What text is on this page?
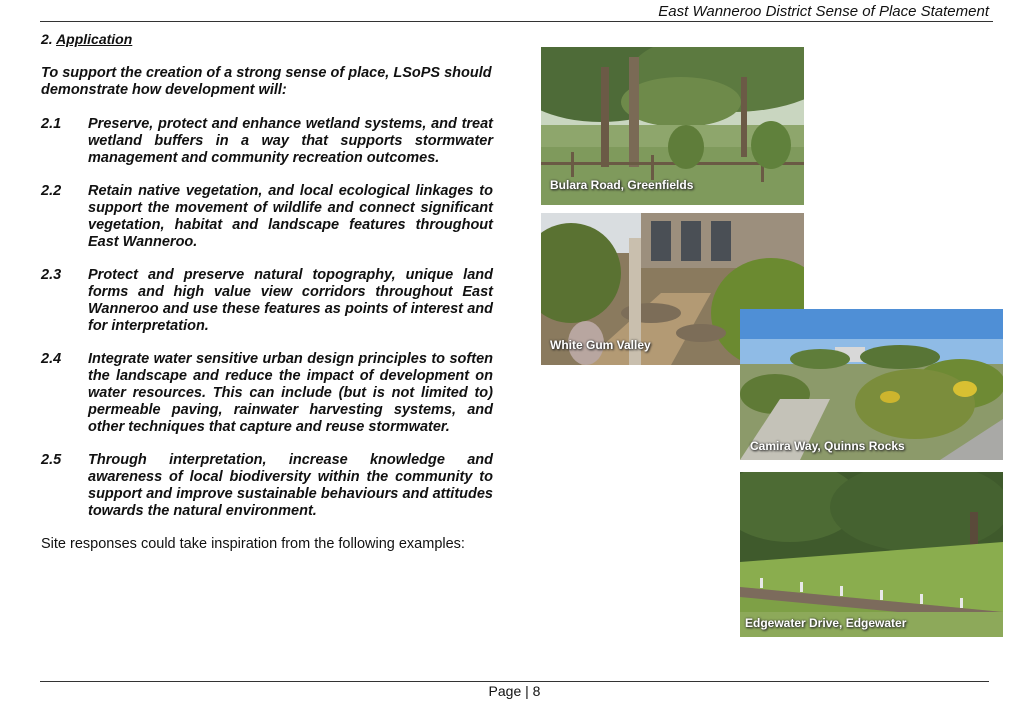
East Wanneroo District Sense of Place Statement
2. Application
To support the creation of a strong sense of place, LSoPS should demonstrate how development will:
2.1 Preserve, protect and enhance wetland systems, and treat wetland buffers in a way that supports stormwater management and community recreation outcomes.
2.2 Retain native vegetation, and local ecological linkages to support the movement of wildlife and connect significant vegetation, habitat and landscape features throughout East Wanneroo.
2.3 Protect and preserve natural topography, unique land forms and high value view corridors throughout East Wanneroo and use these features as points of interest and for interpretation.
2.4 Integrate water sensitive urban design principles to soften the landscape and reduce the impact of development on water resources. This can include (but is not limited to) permeable paving, rainwater harvesting systems, and other techniques that capture and reuse stormwater.
2.5 Through interpretation, increase knowledge and awareness of local biodiversity within the community to support and improve sustainable behaviours and attitudes towards the natural environment.
Site responses could take inspiration from the following examples:
Bulara Road, Greenfields
White Gum Valley
Camira Way, Quinns Rocks
Edgewater Drive, Edgewater
Page | 8
